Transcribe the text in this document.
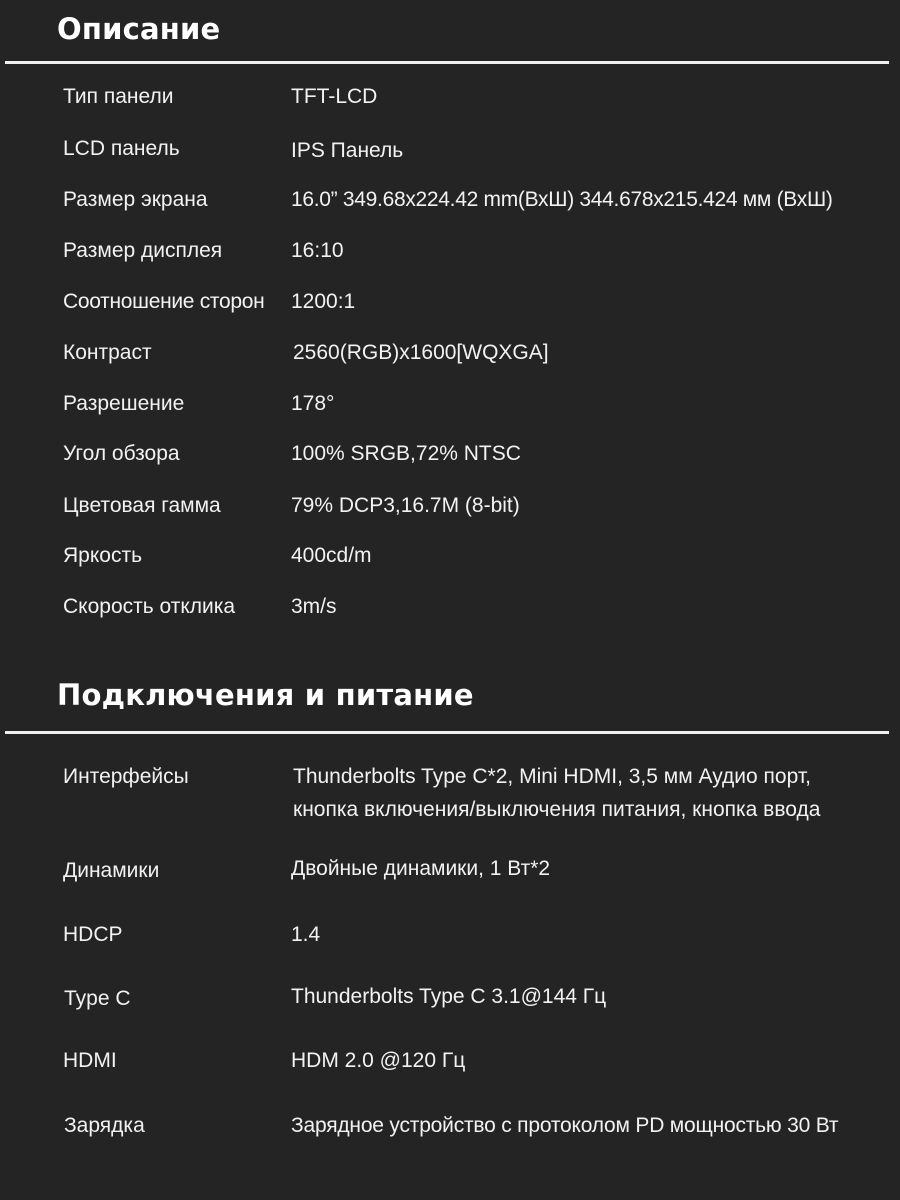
Описание
Тип панели	TFT-LCD
LCD панель	IPS Панель
Размер экрана	16.0” 349.68x224.42 mm(ВхШ) 344.678x215.424 мм (ВхШ)
Размер дисплея	16:10
Соотношение сторон 1200:1
Контраст	2560(RGB)x1600[WQXGA]
Разрешение	178°
Угол обзора	100% SRGB,72% NTSC
Цветовая гамма	79% DCP3,16.7M (8-bit)
Яркость	400cd/m
Скорость отклика	3m/s
Подключения и питание
Интерфейсы	Thunderbolts Type C*2, Mini HDMI, 3,5 мм Аудио порт,
кнопка включения/выключения питания, кнопка ввода
Динамики	Двойные динамики, 1 Вт*2
HDCP	1.4
Type C	Thunderbolts Type C 3.1@144 Гц
HDMI	HDM 2.0 @120 Гц
Зарядка	Зарядное устройство с протоколом PD мощностью 30 Вт
